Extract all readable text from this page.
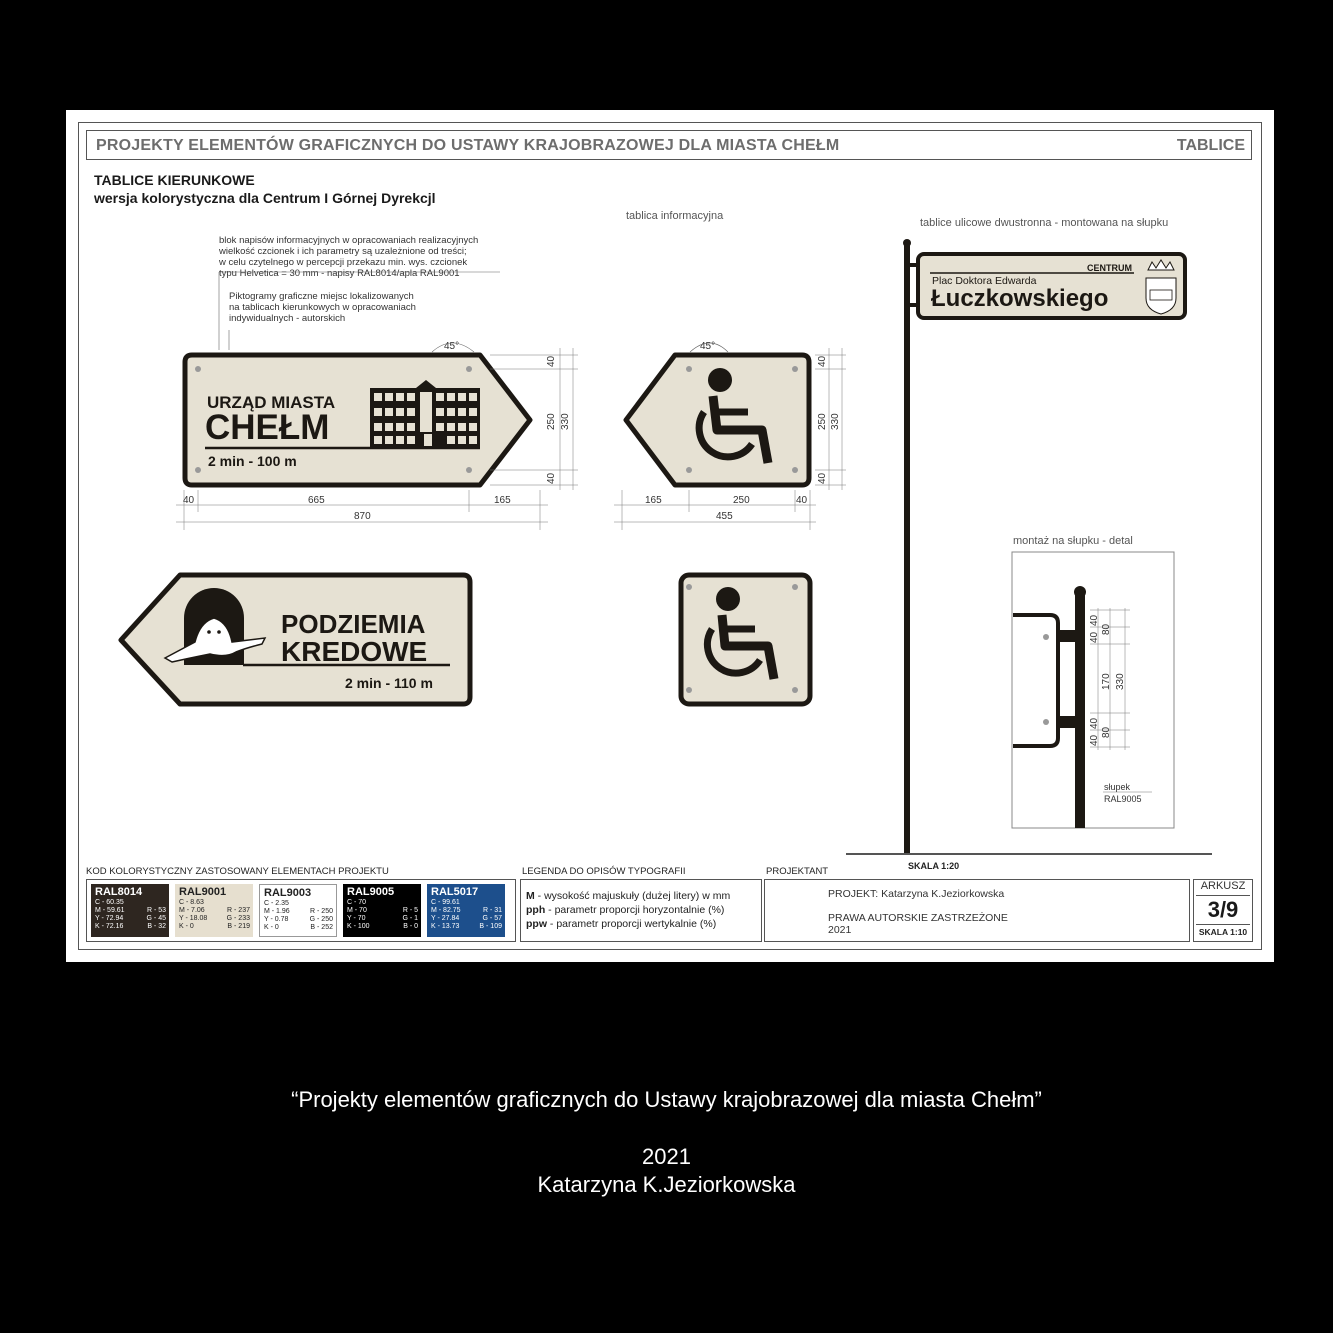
PROJEKTY ELEMENTÓW GRAFICZNYCH DO USTAWY KRAJOBRAZOWEJ DLA MIASTA CHEŁM	TABLICE
TABLICE KIERUNKOWE
wersja kolorystyczna dla Centrum I Górnej Dyrekcjl
blok napisów informacyjnych w opracowaniach realizacyjnych
wielkość czcionek i ich parametry są uzależnione od treści;
w celu czytelnego w percepcji przekazu min. wys. czcionek
typu Helvetica = 30 mm - napisy RAL8014/apla RAL9001
Piktogramy graficzne miejsc lokalizowanych
na tablicach kierunkowych w opracowaniach
indywidualnych - autorskich
tablica informacyjna
tablice ulicowe dwustronna - montowana na słupku
montaż na słupku - detal
URZĄD MIASTA
CHEŁM
2 min - 100 m
45°
40	665	165
870
40
250
40
330
45°
165	250	40
455
40
250
40
330
PODZIEMIA
KREDOWE
2 min - 110 m
CENTRUM
Plac Doktora Edwarda
Łuczkowskiego
40
40
80
170 330
40
40
80
słupek
RAL9005
SKALA 1:20
KOD KOLORYSTYCZNY ZASTOSOWANY ELEMENTACH PROJEKTU
RAL8014
C - 60.35
M - 59.61	R - 53
Y - 72.94	G - 45
K - 72.16	B - 32
RAL9001
C - 8.63
M - 7.06	R - 237
Y - 18.08	G - 233
K - 0	B - 219
RAL9003
C - 2.35
M - 1.96	R - 250
Y - 0.78	G - 250
K - 0	B - 252
RAL9005
C - 70
M - 70	R - 5
Y - 70	G - 1
K - 100	B - 0
RAL5017
C - 99.61
M - 82.75	R - 31
Y - 27.84	G - 57
K - 13.73	B - 109
LEGENDA DO OPISÓW TYPOGRAFII
M - wysokość majuskuły (dużej litery) w mm
pph - parametr proporcji horyzontalnie (%)
ppw - parametr proporcji wertykalnie (%)
PROJEKTANT
PROJEKT: Katarzyna K.Jeziorkowska
PRAWA AUTORSKIE ZASTRZEŻONE
2021
ARKUSZ
3/9
SKALA 1:10
“Projekty elementów graficznych do Ustawy krajobrazowej dla miasta Chełm”
2021
Katarzyna K.Jeziorkowska
